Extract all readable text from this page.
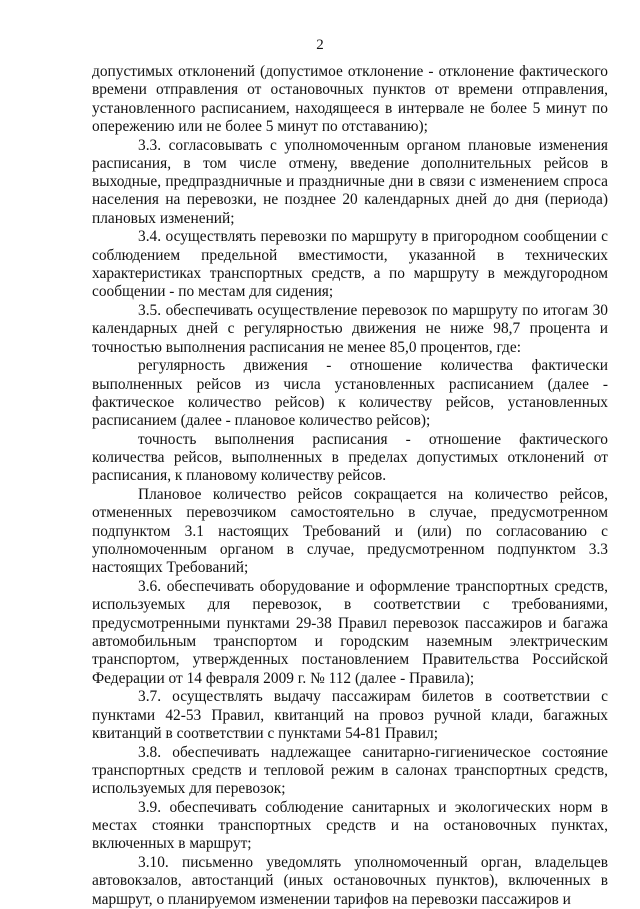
2

допустимых отклонений (допустимое отклонение - отклонение фактического времени отправления от остановочных пунктов от времени отправления, установленного расписанием, находящееся в интервале не более 5 минут по опережению или не более 5 минут по отставанию);

3.3. согласовывать с уполномоченным органом плановые изменения расписания, в том числе отмену, введение дополнительных рейсов в выходные, предпраздничные и праздничные дни в связи с изменением спроса населения на перевозки, не позднее 20 календарных дней до дня (периода) плановых изменений;

3.4. осуществлять перевозки по маршруту в пригородном сообщении с соблюдением предельной вместимости, указанной в технических характеристиках транспортных средств, а по маршруту в междугородном сообщении - по местам для сидения;

3.5. обеспечивать осуществление перевозок по маршруту по итогам 30 календарных дней с регулярностью движения не ниже 98,7 процента и точностью выполнения расписания не менее 85,0 процентов, где:

регулярность движения - отношение количества фактически выполненных рейсов из числа установленных расписанием (далее - фактическое количество рейсов) к количеству рейсов, установленных расписанием (далее - плановое количество рейсов);

точность выполнения расписания - отношение фактического количества рейсов, выполненных в пределах допустимых отклонений от расписания, к плановому количеству рейсов.

Плановое количество рейсов сокращается на количество рейсов, отмененных перевозчиком самостоятельно в случае, предусмотренном подпунктом 3.1 настоящих Требований и (или) по согласованию с уполномоченным органом в случае, предусмотренном подпунктом 3.3 настоящих Требований;

3.6. обеспечивать оборудование и оформление транспортных средств, используемых для перевозок, в соответствии с требованиями, предусмотренными пунктами 29-38 Правил перевозок пассажиров и багажа автомобильным транспортом и городским наземным электрическим транспортом, утвержденных постановлением Правительства Российской Федерации от 14 февраля 2009 г. № 112 (далее - Правила);

3.7. осуществлять выдачу пассажирам билетов в соответствии с пунктами 42-53 Правил, квитанций на провоз ручной клади, багажных квитанций в соответствии с пунктами 54-81 Правил;

3.8. обеспечивать надлежащее санитарно-гигиеническое состояние транспортных средств и тепловой режим в салонах транспортных средств, используемых для перевозок;

3.9. обеспечивать соблюдение санитарных и экологических норм в местах стоянки транспортных средств и на остановочных пунктах, включенных в маршрут;

3.10. письменно уведомлять уполномоченный орган, владельцев автовокзалов, автостанций (иных остановочных пунктов), включенных в маршрут, о планируемом изменении тарифов на перевозки пассажиров и
